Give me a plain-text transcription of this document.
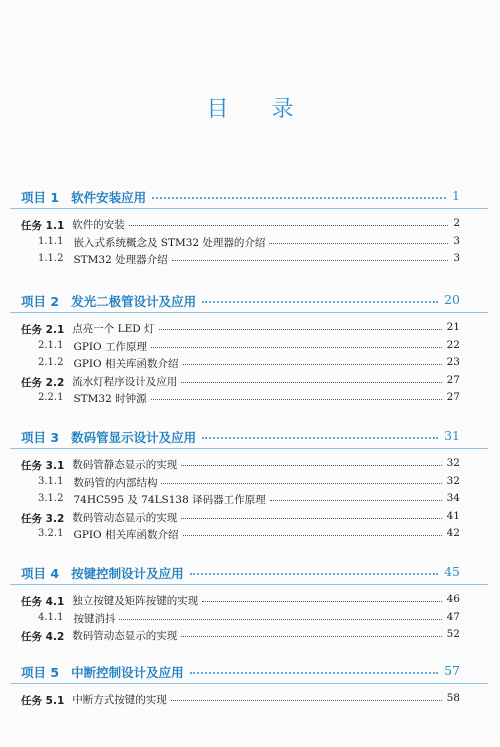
目 录
项目 1 软件安装应用	1
任务 1.1 软件的安装	2
1.1.1 嵌入式系统概念及 STM32 处理器的介绍	3
1.1.2 STM32 处理器介绍	3
项目 2 发光二极管设计及应用	20
任务 2.1 点亮一个 LED 灯	21
2.1.1 GPIO 工作原理	22
2.1.2 GPIO 相关库函数介绍	23
任务 2.2 流水灯程序设计及应用	27
2.2.1 STM32 时钟源	27
项目 3 数码管显示设计及应用	31
任务 3.1 数码管静态显示的实现	32
3.1.1 数码管的内部结构	32
3.1.2 74HC595 及 74LS138 译码器工作原理	34
任务 3.2 数码管动态显示的实现	41
3.2.1 GPIO 相关库函数介绍	42
项目 4 按键控制设计及应用	45
任务 4.1 独立按键及矩阵按键的实现	46
4.1.1 按键消抖	47
任务 4.2 数码管动态显示的实现	52
项目 5 中断控制设计及应用	57
任务 5.1 中断方式按键的实现	58
